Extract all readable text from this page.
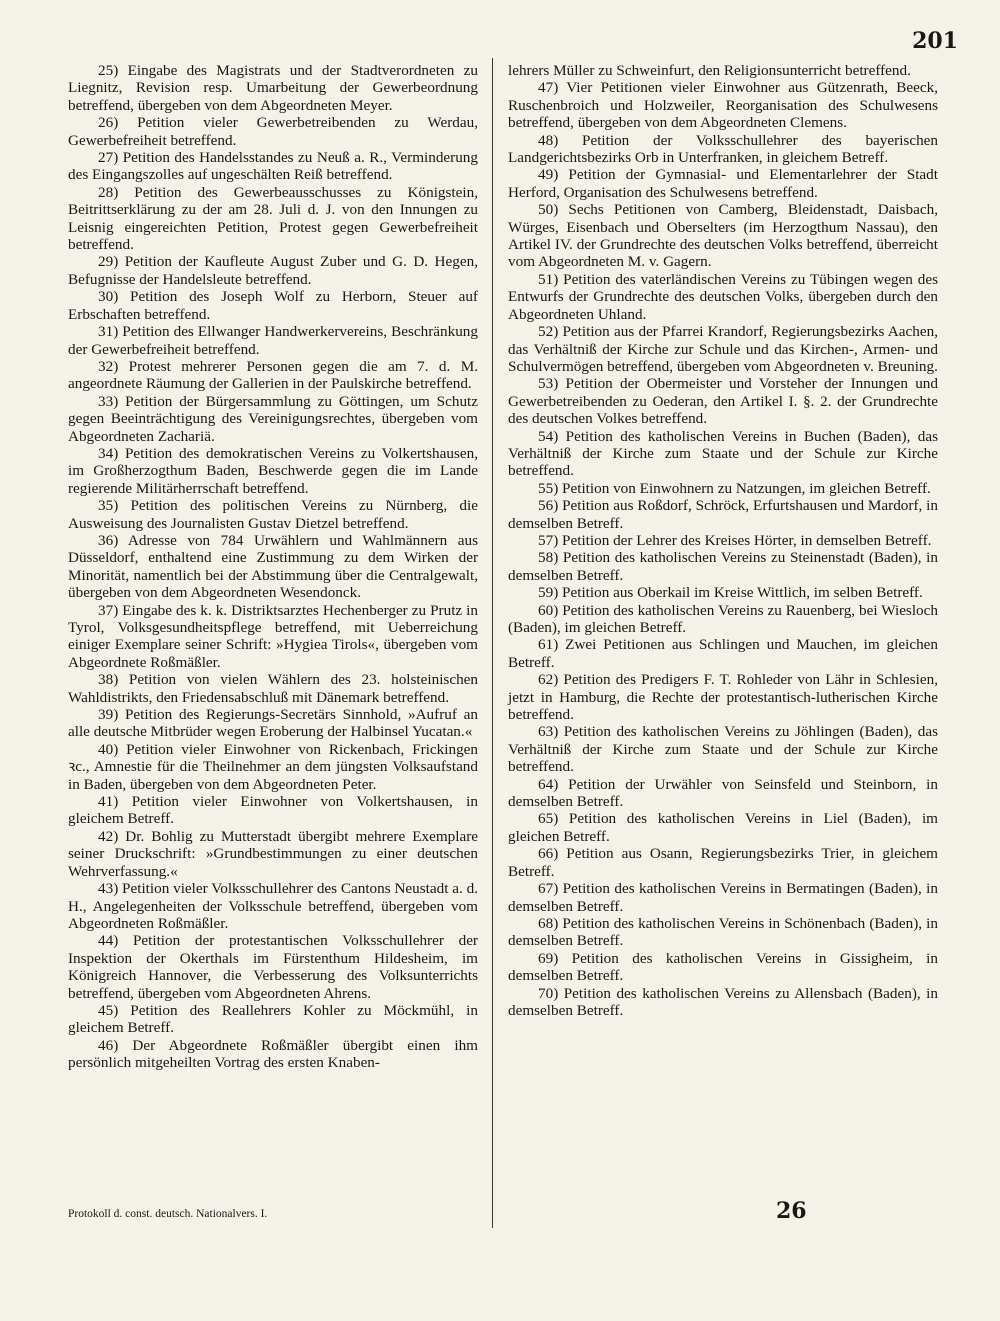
201

25) Eingabe des Magistrats und der Stadtverordneten zu Liegnitz, Revision resp. Umarbeitung der Gewerbeordnung betreffend, übergeben von dem Abgeordneten Meyer.

26) Petition vieler Gewerbetreibenden zu Werdau, Gewerbefreiheit betreffend.

27) Petition des Handelsstandes zu Neuß a. R., Verminderung des Eingangszolles auf ungeschälten Reiß betreffend.

28) Petition des Gewerbeausschusses zu Königstein, Beitrittserklärung zu der am 28. Juli d. J. von den Innungen zu Leisnig eingereichten Petition, Protest gegen Gewerbefreiheit betreffend.

29) Petition der Kaufleute August Zuber und G. D. Hegen, Befugnisse der Handelsleute betreffend.

30) Petition des Joseph Wolf zu Herborn, Steuer auf Erbschaften betreffend.

31) Petition des Ellwanger Handwerkervereins, Beschränkung der Gewerbefreiheit betreffend.

32) Protest mehrerer Personen gegen die am 7. d. M. angeordnete Räumung der Gallerien in der Paulskirche betreffend.

33) Petition der Bürgersammlung zu Göttingen, um Schutz gegen Beeinträchtigung des Vereinigungsrechtes, übergeben vom Abgeordneten Zachariä.

34) Petition des demokratischen Vereins zu Volkertshausen, im Großherzogthum Baden, Beschwerde gegen die im Lande regierende Militärherrschaft betreffend.

35) Petition des politischen Vereins zu Nürnberg, die Ausweisung des Journalisten Gustav Dietzel betreffend.

36) Adresse von 784 Urwählern und Wahlmännern aus Düsseldorf, enthaltend eine Zustimmung zu dem Wirken der Minorität, namentlich bei der Abstimmung über die Centralgewalt, übergeben von dem Abgeordneten Wesendonck.

37) Eingabe des k. k. Distriktsarztes Hechenberger zu Prutz in Tyrol, Volksgesundheitspflege betreffend, mit Ueberreichung einiger Exemplare seiner Schrift: »Hygiea Tirols«, übergeben vom Abgeordnete Roßmäßler.

38) Petition von vielen Wählern des 23. holsteinischen Wahldistrikts, den Friedensabschluß mit Dänemark betreffend.

39) Petition des Regierungs-Secretärs Sinnhold, »Aufruf an alle deutsche Mitbrüder wegen Eroberung der Halbinsel Yucatan.«

40) Petition vieler Einwohner von Rickenbach, Frickingen ꝛc., Amnestie für die Theilnehmer an dem jüngsten Volksaufstand in Baden, übergeben von dem Abgeordneten Peter.

41) Petition vieler Einwohner von Volkertshausen, in gleichem Betreff.

42) Dr. Bohlig zu Mutterstadt übergibt mehrere Exemplare seiner Druckschrift: »Grundbestimmungen zu einer deutschen Wehrverfassung.«

43) Petition vieler Volksschullehrer des Cantons Neustadt a. d. H., Angelegenheiten der Volksschule betreffend, übergeben vom Abgeordneten Roßmäßler.

44) Petition der protestantischen Volksschullehrer der Inspektion der Okerthals im Fürstenthum Hildesheim, im Königreich Hannover, die Verbesserung des Volksunterrichts betreffend, übergeben vom Abgeordneten Ahrens.

45) Petition des Reallehrers Kohler zu Möckmühl, in gleichem Betreff.

46) Der Abgeordnete Roßmäßler übergibt einen ihm persönlich mitgeheilten Vortrag des ersten Knaben-

lehrers Müller zu Schweinfurt, den Religionsunterricht betreffend.

47) Vier Petitionen vieler Einwohner aus Gützenrath, Beeck, Ruschenbroich und Holzweiler, Reorganisation des Schulwesens betreffend, übergeben von dem Abgeordneten Clemens.

48) Petition der Volksschullehrer des bayerischen Landgerichtsbezirks Orb in Unterfranken, in gleichem Betreff.

49) Petition der Gymnasial- und Elementarlehrer der Stadt Herford, Organisation des Schulwesens betreffend.

50) Sechs Petitionen von Camberg, Bleidenstadt, Daisbach, Würges, Eisenbach und Oberselters (im Herzogthum Nassau), den Artikel IV. der Grundrechte des deutschen Volks betreffend, überreicht vom Abgeordneten M. v. Gagern.

51) Petition des vaterländischen Vereins zu Tübingen wegen des Entwurfs der Grundrechte des deutschen Volks, übergeben durch den Abgeordneten Uhland.

52) Petition aus der Pfarrei Krandorf, Regierungsbezirks Aachen, das Verhältniß der Kirche zur Schule und das Kirchen-, Armen- und Schulvermögen betreffend, übergeben vom Abgeordneten v. Breuning.

53) Petition der Obermeister und Vorsteher der Innungen und Gewerbetreibenden zu Oederan, den Artikel I. §. 2. der Grundrechte des deutschen Volkes betreffend.

54) Petition des katholischen Vereins in Buchen (Baden), das Verhältniß der Kirche zum Staate und der Schule zur Kirche betreffend.

55) Petition von Einwohnern zu Natzungen, im gleichen Betreff.

56) Petition aus Roßdorf, Schröck, Erfurtshausen und Mardorf, in demselben Betreff.

57) Petition der Lehrer des Kreises Hörter, in demselben Betreff.

58) Petition des katholischen Vereins zu Steinenstadt (Baden), in demselben Betreff.

59) Petition aus Oberkail im Kreise Wittlich, im selben Betreff.

60) Petition des katholischen Vereins zu Rauenberg, bei Wiesloch (Baden), im gleichen Betreff.

61) Zwei Petitionen aus Schlingen und Mauchen, im gleichen Betreff.

62) Petition des Predigers F. T. Rohleder von Lähr in Schlesien, jetzt in Hamburg, die Rechte der protestantisch-lutherischen Kirche betreffend.

63) Petition des katholischen Vereins zu Jöhlingen (Baden), das Verhältniß der Kirche zum Staate und der Schule zur Kirche betreffend.

64) Petition der Urwähler von Seinsfeld und Steinborn, in demselben Betreff.

65) Petition des katholischen Vereins in Liel (Baden), im gleichen Betreff.

66) Petition aus Osann, Regierungsbezirks Trier, in gleichem Betreff.

67) Petition des katholischen Vereins in Bermatingen (Baden), in demselben Betreff.

68) Petition des katholischen Vereins in Schönenbach (Baden), in demselben Betreff.

69) Petition des katholischen Vereins in Gissigheim, in demselben Betreff.

70) Petition des katholischen Vereins zu Allensbach (Baden), in demselben Betreff.

Protokoll d. const. deutsch. Nationalvers. I.	26
